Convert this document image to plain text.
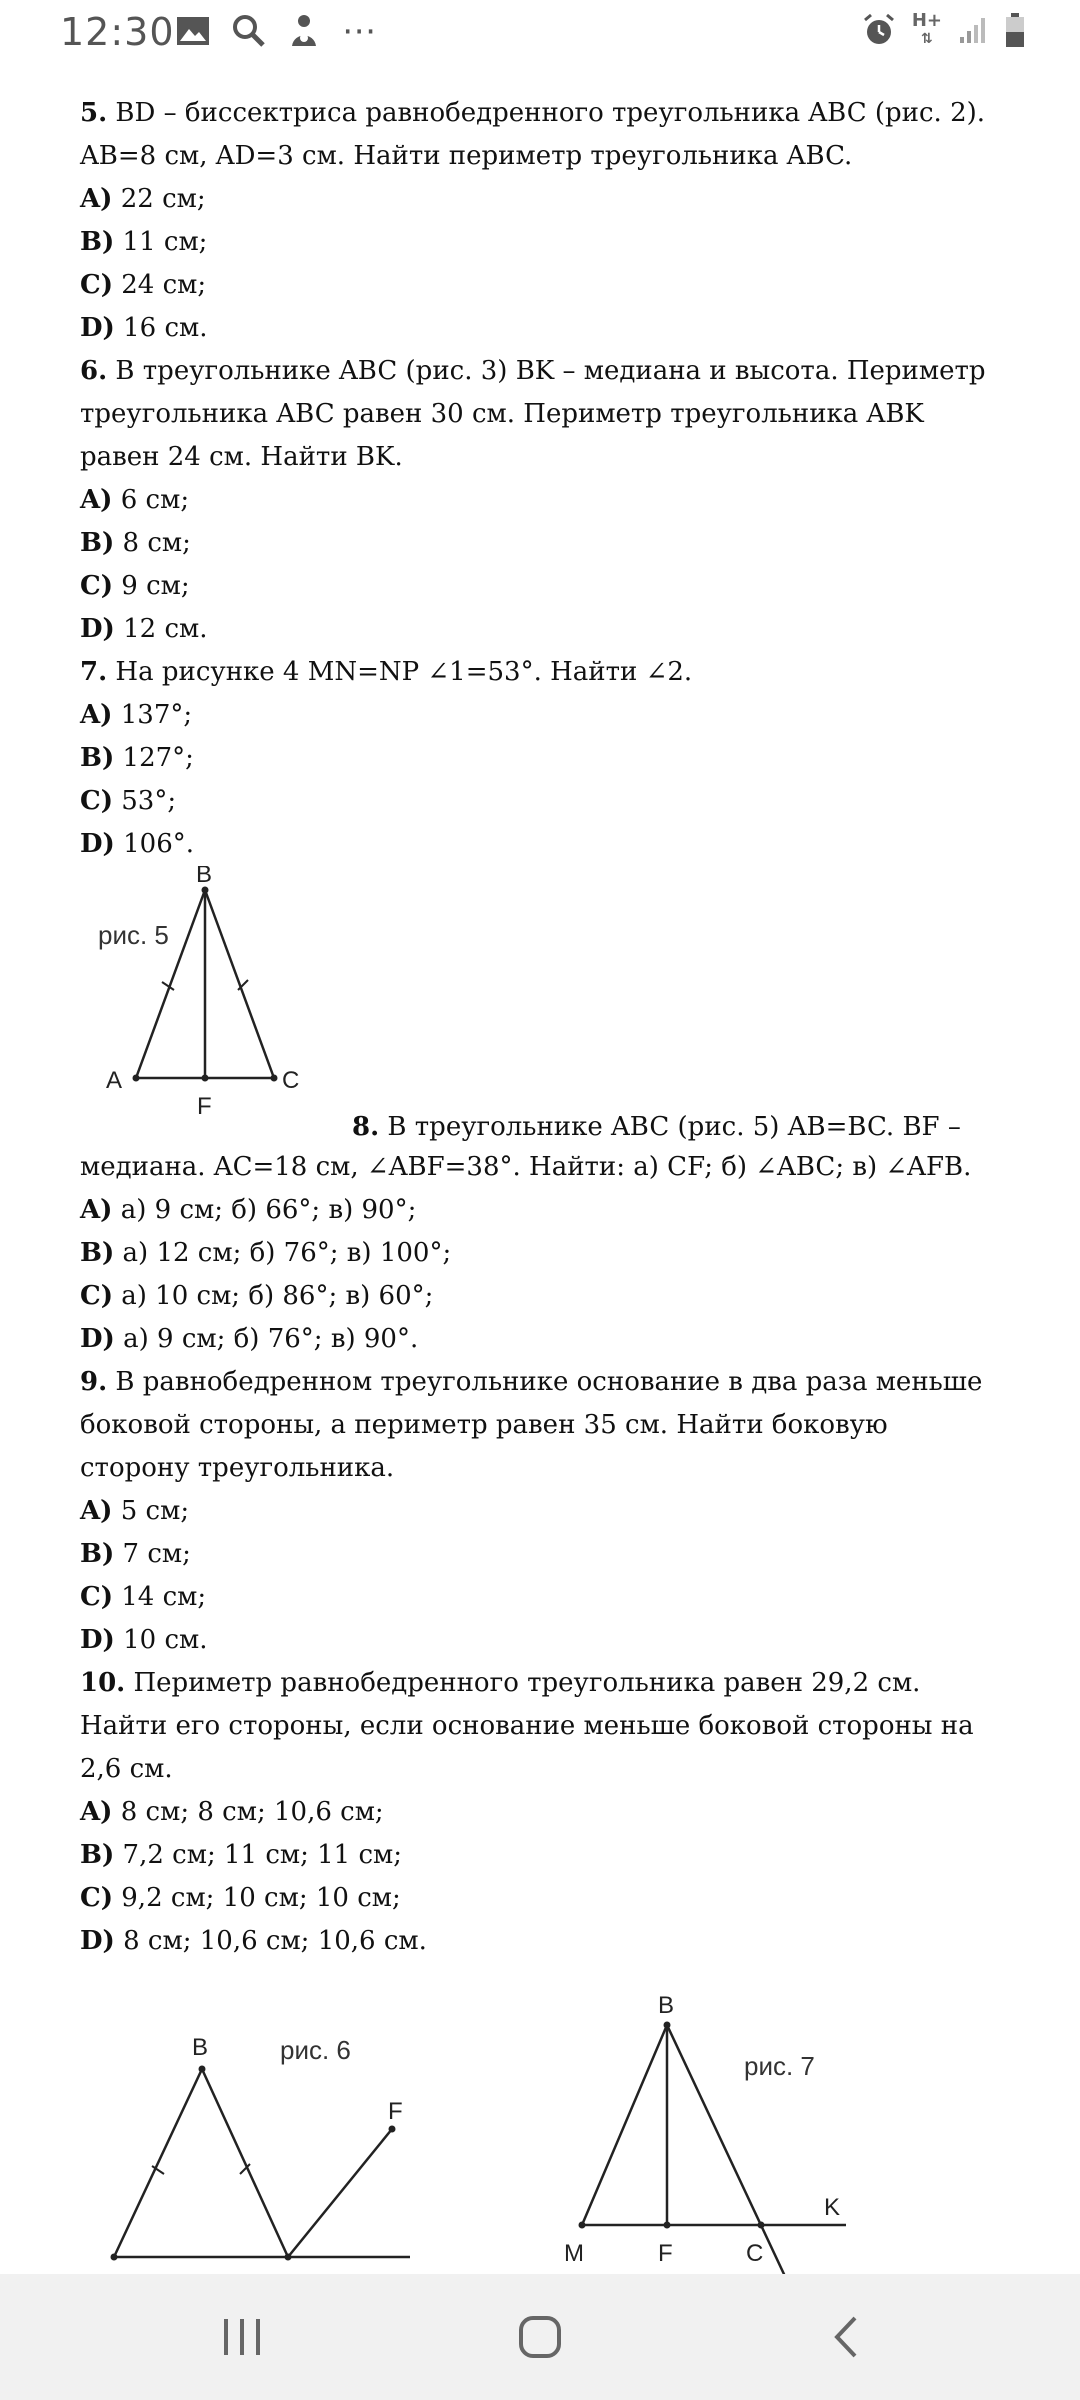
12:30	⋯	H+
⇅

5. BD – биссектриса равнобедренного треугольника ABC (рис. 2). AB=8 см, AD=3 см. Найти периметр треугольника ABC.

A) 22 см;

B) 11 см;

C) 24 см;

D) 16 см.

6. В треугольнике ABC (рис. 3) BK – медиана и высота. Периметр треугольника ABC равен 30 см. Периметр треугольника ABK равен 24 см. Найти BK.

A) 6 см;

B) 8 см;

C) 9 см;

D) 12 см.

7. На рисунке 4 MN=NP ∠1=53°. Найти ∠2.

A) 137°;

B) 127°;

C) 53°;

D) 106°.

рис. 5
B
A	C
F

8. В треугольнике ABC (рис. 5) AB=BC. BF –

медиана. AC=18 см, ∠ABF=38°. Найти: а) CF; б) ∠ABC; в) ∠AFB.

A) а) 9 см; б) 66°; в) 90°;

B) а) 12 см; б) 76°; в) 100°;

C) а) 10 см; б) 86°; в) 60°;

D) а) 9 см; б) 76°; в) 90°.

9. В равнобедренном треугольнике основание в два раза меньше боковой стороны, а периметр равен 35 см. Найти боковую сторону треугольника.

A) 5 см;

B) 7 см;

C) 14 см;

D) 10 см.

10. Периметр равнобедренного треугольника равен 29,2 см. Найти его стороны, если основание меньше боковой стороны на 2,6 см.

A) 8 см; 8 см; 10,6 см;

B) 7,2 см; 11 см; 11 см;

C) 9,2 см; 10 см; 10 см;

D) 8 см; 10,6 см; 10,6 см.

рис. 6
B
F
рис. 7
B
M	F	C
K
